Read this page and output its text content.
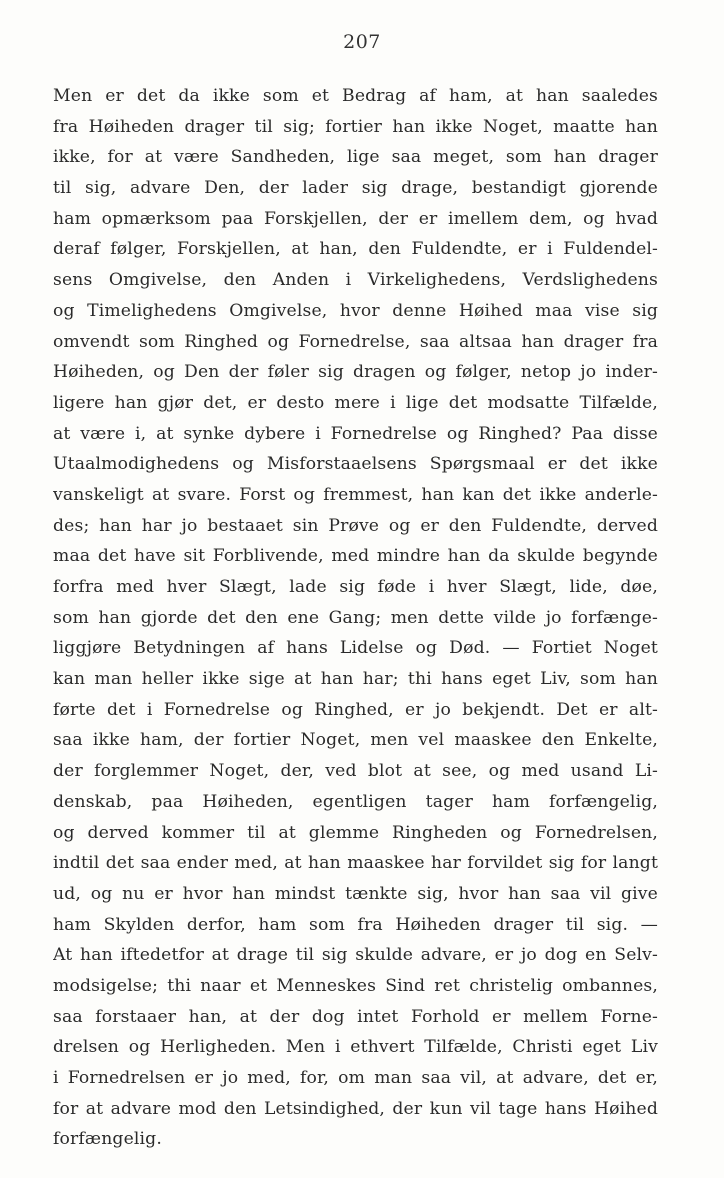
207
Men er det da ikke som et Bedrag af ham, at han saaledes
fra Høiheden drager til sig; fortier han ikke Noget, maatte han
ikke, for at være Sandheden, lige saa meget, som han drager
til sig, advare Den, der lader sig drage, bestandigt gjorende
ham opmærksom paa Forskjellen, der er imellem dem, og hvad
deraf følger, Forskjellen, at han, den Fuldendte, er i Fuldendel-
sens Omgivelse, den Anden i Virkelighedens, Verdslighedens
og Timelighedens Omgivelse, hvor denne Høihed maa vise sig
omvendt som Ringhed og Fornedrelse, saa altsaa han drager fra
Høiheden, og Den der føler sig dragen og følger, netop jo inder-
ligere han gjør det, er desto mere i lige det modsatte Tilfælde,
at være i, at synke dybere i Fornedrelse og Ringhed? Paa disse
Utaalmodighedens og Misforstaaelsens Spørgsmaal er det ikke
vanskeligt at svare. Forst og fremmest, han kan det ikke anderle-
des; han har jo bestaaet sin Prøve og er den Fuldendte, derved
maa det have sit Forblivende, med mindre han da skulde begynde
forfra med hver Slægt, lade sig føde i hver Slægt, lide, døe,
som han gjorde det den ene Gang; men dette vilde jo forfænge-
liggjøre Betydningen af hans Lidelse og Død. — Fortiet Noget
kan man heller ikke sige at han har; thi hans eget Liv, som han
førte det i Fornedrelse og Ringhed, er jo bekjendt. Det er alt-
saa ikke ham, der fortier Noget, men vel maaskee den Enkelte,
der forglemmer Noget, der, ved blot at see, og med usand Li-
denskab, paa Høiheden, egentligen tager ham forfængelig,
og derved kommer til at glemme Ringheden og Fornedrelsen,
indtil det saa ender med, at han maaskee har forvildet sig for langt
ud, og nu er hvor han mindst tænkte sig, hvor han saa vil give
ham Skylden derfor, ham som fra Høiheden drager til sig. —
At han iftedetfor at drage til sig skulde advare, er jo dog en Selv-
modsigelse; thi naar et Menneskes Sind ret christelig ombannes,
saa forstaaer han, at der dog intet Forhold er mellem Forne-
drelsen og Herligheden. Men i ethvert Tilfælde, Christi eget Liv
i Fornedrelsen er jo med, for, om man saa vil, at advare, det er,
for at advare mod den Letsindighed, der kun vil tage hans Høihed
forfængelig.
